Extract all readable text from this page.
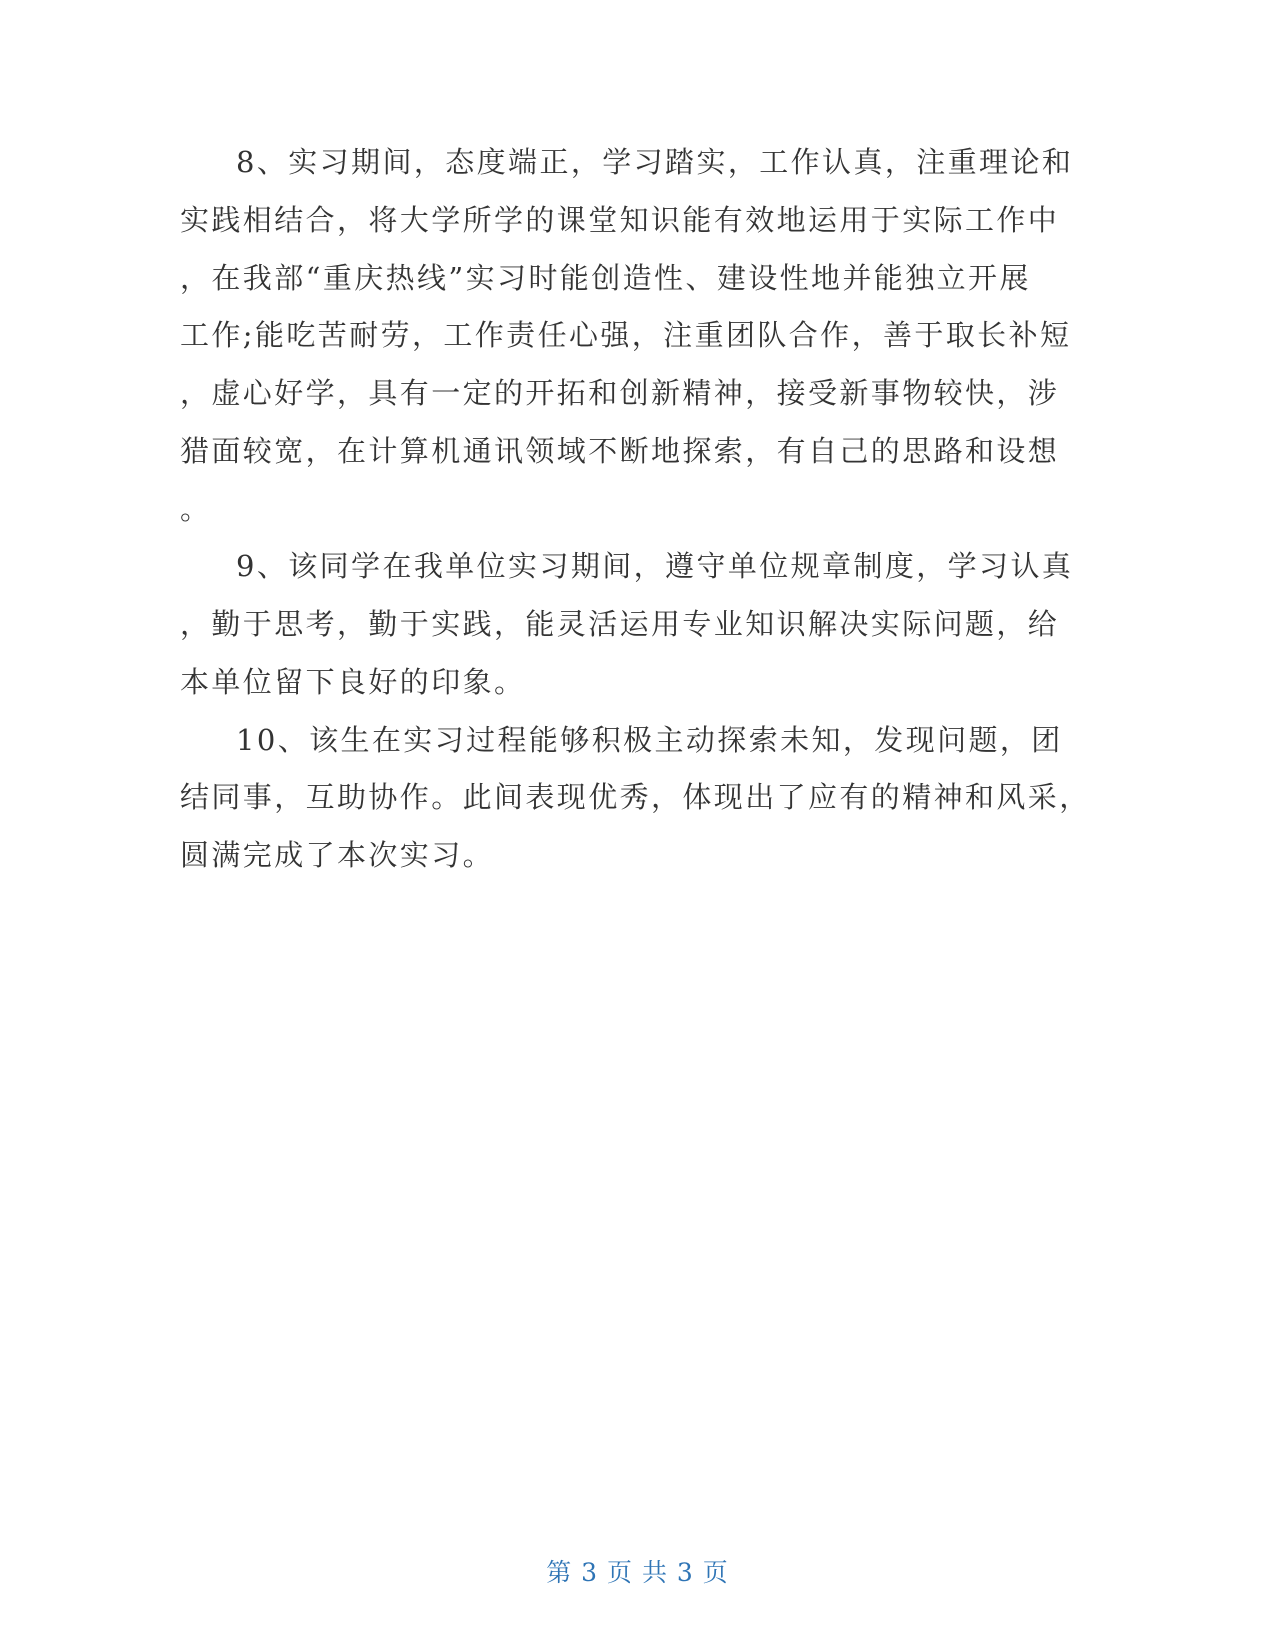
8、实习期间，态度端正，学习踏实，工作认真，注重理论和
实践相结合，将大学所学的课堂知识能有效地运用于实际工作中
，在我部“重庆热线”实习时能创造性、建设性地并能独立开展
工作;能吃苦耐劳，工作责任心强，注重团队合作，善于取长补短
，虚心好学，具有一定的开拓和创新精神，接受新事物较快，涉
猎面较宽，在计算机通讯领域不断地探索，有自己的思路和设想
。
9、该同学在我单位实习期间，遵守单位规章制度，学习认真
，勤于思考，勤于实践，能灵活运用专业知识解决实际问题，给
本单位留下良好的印象。
10、该生在实习过程能够积极主动探索未知，发现问题，团
结同事，互助协作。此间表现优秀，体现出了应有的精神和风采，
圆满完成了本次实习。
第 3 页 共 3 页
